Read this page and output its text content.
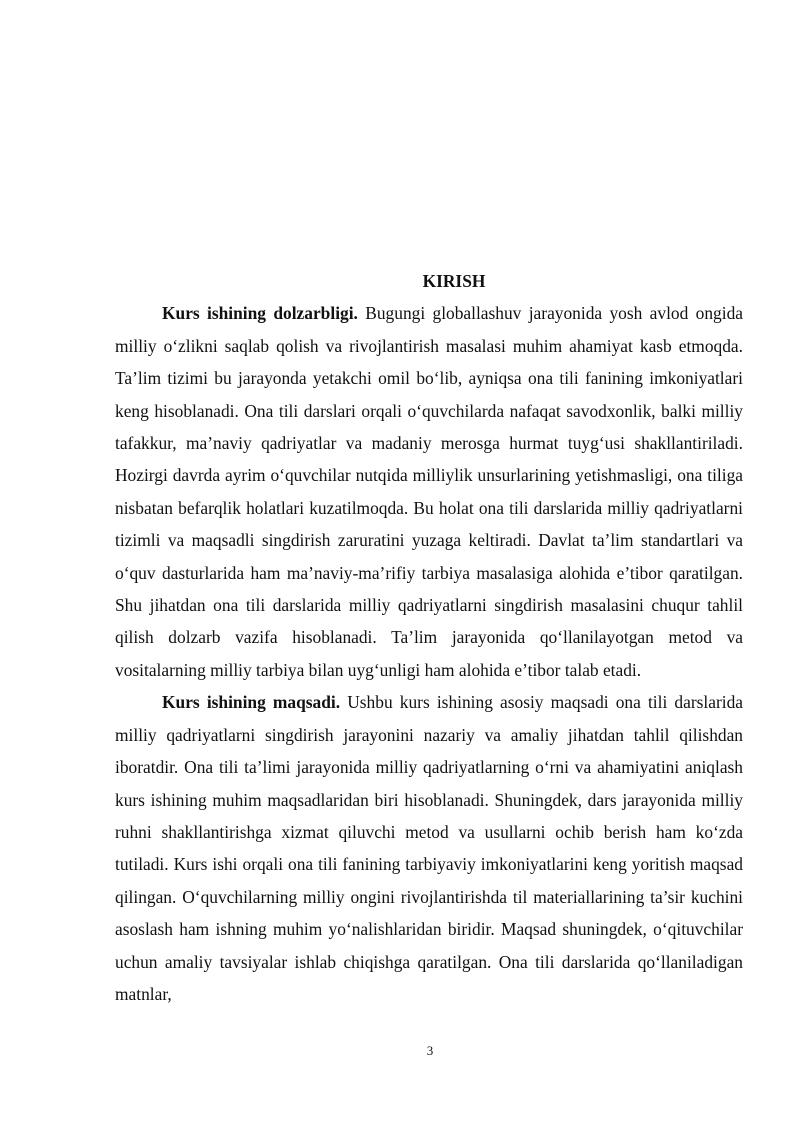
KIRISH

Kurs ishining dolzarbligi. Bugungi globallashuv jarayonida yosh avlod ongida milliy o‘zlikni saqlab qolish va rivojlantirish masalasi muhim ahamiyat kasb etmoqda. Ta’lim tizimi bu jarayonda yetakchi omil bo‘lib, ayniqsa ona tili fanining imkoniyatlari keng hisoblanadi. Ona tili darslari orqali o‘quvchilarda nafaqat savodxonlik, balki milliy tafakkur, ma’naviy qadriyatlar va madaniy merosga hurmat tuyg‘usi shakllantiriladi. Hozirgi davrda ayrim o‘quvchilar nutqida milliylik unsurlarining yetishmasligi, ona tiliga nisbatan befarqlik holatlari kuzatilmoqda. Bu holat ona tili darslarida milliy qadriyatlarni tizimli va maqsadli singdirish zaruratini yuzaga keltiradi. Davlat ta’lim standartlari va o‘quv dasturlarida ham ma’naviy-ma’rifiy tarbiya masalasiga alohida e’tibor qaratilgan. Shu jihatdan ona tili darslarida milliy qadriyatlarni singdirish masalasini chuqur tahlil qilish dolzarb vazifa hisoblanadi. Ta’lim jarayonida qo‘llanilayotgan metod va vositalarning milliy tarbiya bilan uyg‘unligi ham alohida e’tibor talab etadi.

Kurs ishining maqsadi. Ushbu kurs ishining asosiy maqsadi ona tili darslarida milliy qadriyatlarni singdirish jarayonini nazariy va amaliy jihatdan tahlil qilishdan iboratdir. Ona tili ta’limi jarayonida milliy qadriyatlarning o‘rni va ahamiyatini aniqlash kurs ishining muhim maqsadlaridan biri hisoblanadi. Shuningdek, dars jarayonida milliy ruhni shakllantirishga xizmat qiluvchi metod va usullarni ochib berish ham ko‘zda tutiladi. Kurs ishi orqali ona tili fanining tarbiyaviy imkoniyatlarini keng yoritish maqsad qilingan. O‘quvchilarning milliy ongini rivojlantirishda til materiallarining ta’sir kuchini asoslash ham ishning muhim yo‘nalishlaridan biridir. Maqsad shuningdek, o‘qituvchilar uchun amaliy tavsiyalar ishlab chiqishga qaratilgan. Ona tili darslarida qo‘llaniladigan matnlar,

3
